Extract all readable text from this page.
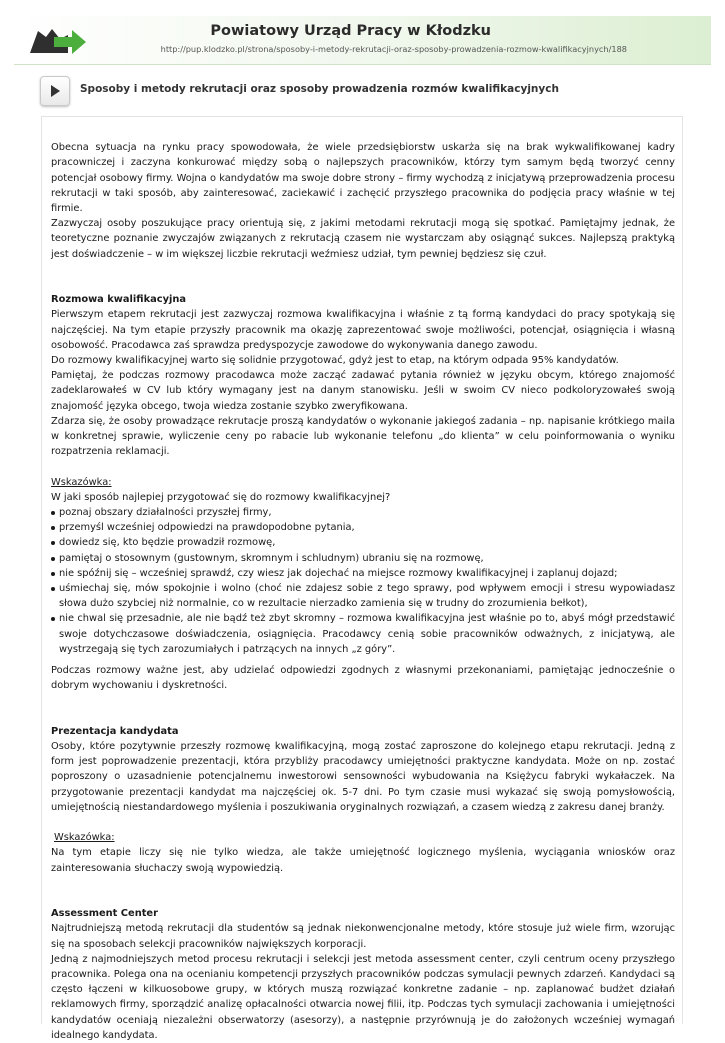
Powiatowy Urząd Pracy w Kłodzku
http://pup.klodzko.pl/strona/sposoby-i-metody-rekrutacji-oraz-sposoby-prowadzenia-rozmow-kwalifikacyjnych/188
Sposoby i metody rekrutacji oraz sposoby prowadzenia rozmów kwalifikacyjnych

Obecna sytuacja na rynku pracy spowodowała, że wiele przedsiębiorstw uskarża się na brak wykwalifikowanej kadry pracowniczej i zaczyna konkurować między sobą o najlepszych pracowników, którzy tym samym będą tworzyć cenny potencjał osobowy firmy. Wojna o kandydatów ma swoje dobre strony – firmy wychodzą z inicjatywą przeprowadzenia procesu rekrutacji w taki sposób, aby zainteresować, zaciekawić i zachęcić przyszłego pracownika do podjęcia pracy właśnie w tej firmie.

Zazwyczaj osoby poszukujące pracy orientują się, z jakimi metodami rekrutacji mogą się spotkać. Pamiętajmy jednak, że teoretyczne poznanie zwyczajów związanych z rekrutacją czasem nie wystarczam aby osiągnąć sukces. Najlepszą praktyką jest doświadczenie – w im większej liczbie rekrutacji weźmiesz udział, tym pewniej będziesz się czuł.

Rozmowa kwalifikacyjna

Pierwszym etapem rekrutacji jest zazwyczaj rozmowa kwalifikacyjna i właśnie z tą formą kandydaci do pracy spotykają się najczęściej. Na tym etapie przyszły pracownik ma okazję zaprezentować swoje możliwości, potencjał, osiągnięcia i własną osobowość. Pracodawca zaś sprawdza predyspozycje zawodowe do wykonywania danego zawodu.

Do rozmowy kwalifikacyjnej warto się solidnie przygotować, gdyż jest to etap, na którym odpada 95% kandydatów.

Pamiętaj, że podczas rozmowy pracodawca może zacząć zadawać pytania również w języku obcym, którego znajomość zadeklarowałeś w CV lub który wymagany jest na danym stanowisku. Jeśli w swoim CV nieco podkoloryzowałeś swoją znajomość języka obcego, twoja wiedza zostanie szybko zweryfikowana.

Zdarza się, że osoby prowadzące rekrutacje proszą kandydatów o wykonanie jakiegoś zadania – np. napisanie krótkiego maila w konkretnej sprawie, wyliczenie ceny po rabacie lub wykonanie telefonu „do klienta” w celu poinformowania o wyniku rozpatrzenia reklamacji.

Wskazówka:

W jaki sposób najlepiej przygotować się do rozmowy kwalifikacyjnej?

poznaj obszary działalności przyszłej firmy,
przemyśl wcześniej odpowiedzi na prawdopodobne pytania,
dowiedz się, kto będzie prowadził rozmowę,
pamiętaj o stosownym (gustownym, skromnym i schludnym) ubraniu się na rozmowę,
nie spóźnij się – wcześniej sprawdź, czy wiesz jak dojechać na miejsce rozmowy kwalifikacyjnej i zaplanuj dojazd;
uśmiechaj się, mów spokojnie i wolno (choć nie zdajesz sobie z tego sprawy, pod wpływem emocji i stresu wypowiadasz słowa dużo szybciej niż normalnie, co w rezultacie nierzadko zamienia się w trudny do zrozumienia bełkot),
nie chwal się przesadnie, ale nie bądź też zbyt skromny – rozmowa kwalifikacyjna jest właśnie po to, abyś mógł przedstawić swoje dotychczasowe doświadczenia, osiągnięcia. Pracodawcy cenią sobie pracowników odważnych, z inicjatywą, ale wystrzegają się tych zarozumiałych i patrzących na innych „z góry”.

Podczas rozmowy ważne jest, aby udzielać odpowiedzi zgodnych z własnymi przekonaniami, pamiętając jednocześnie o dobrym wychowaniu i dyskretności.

Prezentacja kandydata

Osoby, które pozytywnie przeszły rozmowę kwalifikacyjną, mogą zostać zaproszone do kolejnego etapu rekrutacji. Jedną z form jest poprowadzenie prezentacji, która przybliży pracodawcy umiejętności praktyczne kandydata. Może on np. zostać poproszony o uzasadnienie potencjalnemu inwestorowi sensowności wybudowania na Księżycu fabryki wykałaczek. Na przygotowanie prezentacji kandydat ma najczęściej ok. 5-7 dni. Po tym czasie musi wykazać się swoją pomysłowością, umiejętnością niestandardowego myślenia i poszukiwania oryginalnych rozwiązań, a czasem wiedzą z zakresu danej branży.

Wskazówka:

Na tym etapie liczy się nie tylko wiedza, ale także umiejętność logicznego myślenia, wyciągania wniosków oraz zainteresowania słuchaczy swoją wypowiedzią.

Assessment Center

Najtrudniejszą metodą rekrutacji dla studentów są jednak niekonwencjonalne metody, które stosuje już wiele firm, wzorując się na sposobach selekcji pracowników największych korporacji.

Jedną z najmodniejszych metod procesu rekrutacji i selekcji jest metoda assessment center, czyli centrum oceny przyszłego pracownika. Polega ona na ocenianiu kompetencji przyszłych pracowników podczas symulacji pewnych zdarzeń. Kandydaci są często łączeni w kilkuosobowe grupy, w których muszą rozwiązać konkretne zadanie – np. zaplanować budżet działań reklamowych firmy, sporządzić analizę opłacalności otwarcia nowej filii, itp. Podczas tych symulacji zachowania i umiejętności kandydatów oceniają niezależni obserwatorzy (asesorzy), a następnie przyrównują je do założonych wcześniej wymagań idealnego kandydata.
